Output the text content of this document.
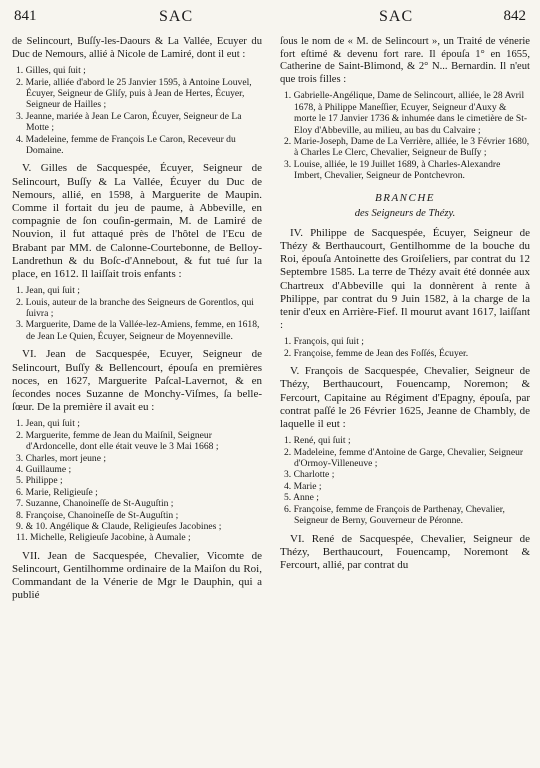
841	SAC	SAC	842

de Selincourt, Buſſy-les-Daours & La Vallée, Ecuyer du Duc de Nemours, allié à Nicole de Lamiré, dont il eut :

1. Gilles, qui ſuit ;
2. Marie, alliée d'abord le 25 Janvier 1595, à Antoine Louvel, Écuyer, Seigneur de Gliſy, puis à Jean de Hertes, Écuyer, Seigneur de Hailles ;
3. Jeanne, mariée à Jean Le Caron, Écuyer, Seigneur de La Motte ;
4. Madeleine, femme de François Le Caron, Receveur du Domaine.

V. Gilles de Sacquespée, Écuyer, Seigneur de Selincourt, Buſſy & La Vallée, Écuyer du Duc de Nemours, allié, en 1598, à Marguerite de Maupin. Comme il fortait du jeu de paume, à Abbeville, en compagnie de ſon couſin-germain, M. de Lamiré de Nouvion, il fut attaqué près de l'hôtel de l'Ecu de Brabant par MM. de Calonne-Courtebonne, de Belloy-Landrethun & du Boſc-d'Annebout, & fut tué ſur la place, en 1612. Il laiſſait trois enfants :

1. Jean, qui ſuit ;
2. Louis, auteur de la branche des Seigneurs de Gorentlos, qui ſuivra ;
3. Marguerite, Dame de la Vallée-lez-Amiens, femme, en 1618, de Jean Le Quien, Écuyer, Seigneur de Moyenneville.

VI. Jean de Sacquespée, Ecuyer, Seigneur de Selincourt, Buſſy & Bellencourt, épouſa en premières noces, en 1627, Marguerite Paſcal-Lavernot, & en ſecondes noces Suzanne de Monchy-Viſmes, ſa belle-ſœur. De la première il avait eu :

1. Jean, qui ſuit ;
2. Marguerite, femme de Jean du Maiſnil, Seigneur d'Ardoncelle, dont elle était veuve le 3 Mai 1668 ;
3. Charles, mort jeune ;
4. Guillaume ;
5. Philippe ;
6. Marie, Religieuſe ;
7. Suzanne, Chanoineſſe de St-Auguſtin ;
8. Françoise, Chanoineſſe de St-Auguſtin ;
9. & 10. Angélique & Claude, Religieuſes Jacobines ;
11. Michelle, Religieuſe Jacobine, à Aumale ;

VII. Jean de Sacquespée, Chevalier, Vicomte de Selincourt, Gentilhomme ordinaire de la Maiſon du Roi, Commandant de la Vénerie de Mgr le Dauphin, qui a publié

ſous le nom de « M. de Selincourt », un Traité de vénerie fort eſtimé & devenu fort rare. Il épouſa 1° en 1655, Catherine de Saint-Blimond, & 2° N... Bernardin. Il n'eut que trois filles :

1. Gabrielle-Angélique, Dame de Selincourt, alliée, le 28 Avril 1678, à Philippe Maneſſier, Ecuyer, Seigneur d'Auxy & morte le 17 Janvier 1736 & inhumée dans le cimetière de St-Eloy d'Abbeville, au milieu, au bas du Calvaire ;
2. Marie-Joseph, Dame de La Verrière, alliée, le 3 Février 1680, à Charles Le Clerc, Chevalier, Seigneur de Buſſy ;
3. Louise, alliée, le 19 Juillet 1689, à Charles-Alexandre Imbert, Chevalier, Seigneur de Pontchevron.
BRANCHE
des Seigneurs de Thézy.

IV. Philippe de Sacquespée, Écuyer, Seigneur de Thézy & Berthaucourt, Gentilhomme de la bouche du Roi, épouſa Antoinette des Groiſeliers, par contrat du 12 Septembre 1585. La terre de Thézy avait été donnée aux Chartreux d'Abbeville qui la donnèrent à rente à Philippe, par contrat du 9 Juin 1582, à la charge de la tenir d'eux en Arrière-Fief. Il mourut avant 1617, laiſſant :

1. François, qui ſuit ;
2. Françoise, femme de Jean des Foſſés, Écuyer.

V. François de Sacquespée, Chevalier, Seigneur de Thézy, Berthaucourt, Fouencamp, Noremon; & Fercourt, Capitaine au Régiment d'Epagny, épouſa, par contrat paſſé le 26 Février 1625, Jeanne de Chambly, de laquelle il eut :

1. René, qui ſuit ;
2. Madeleine, femme d'Antoine de Garge, Chevalier, Seigneur d'Ormoy-Villeneuve ;
3. Charlotte ;
4. Marie ;
5. Anne ;
6. Françoise, femme de François de Parthenay, Chevalier, Seigneur de Berny, Gouverneur de Péronne.

VI. René de Sacquespée, Chevalier, Seigneur de Thézy, Berthaucourt, Fouencamp, Noremont & Fercourt, allié, par contrat du
